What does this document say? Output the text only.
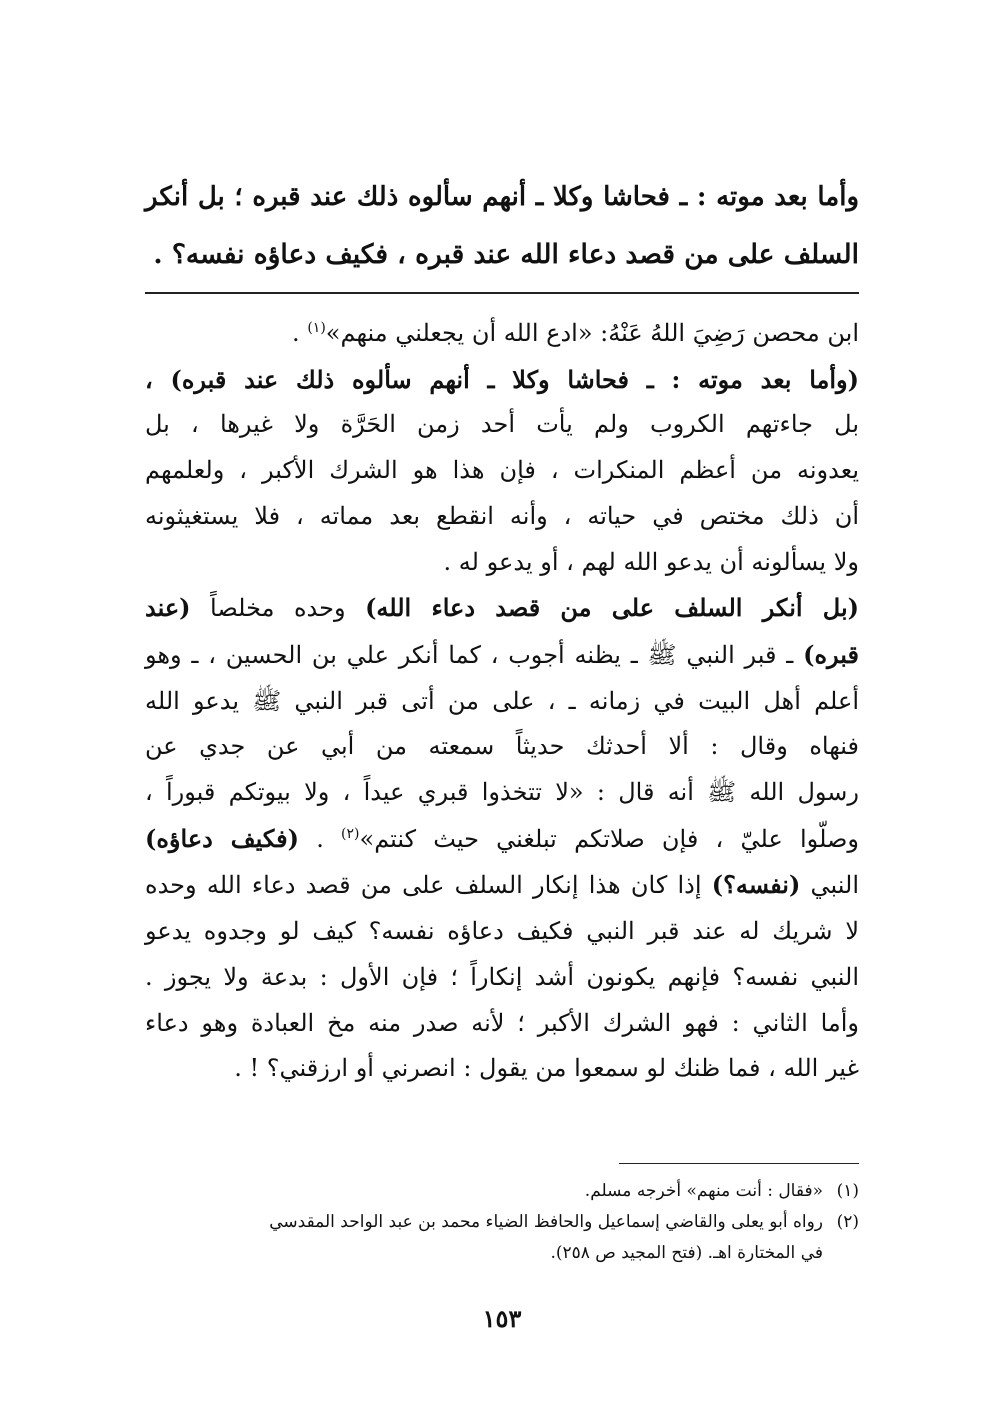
وأما بعد موته : ـ فحاشا وكلا ـ أنهم سألوه ذلك عند قبره ؛ بل أنكر
السلف على من قصد دعاء الله عند قبره ، فكيف دعاؤه نفسه؟ .
ابن محصن رَضِيَ اللهُ عَنْهُ: «ادع الله أن يجعلني منهم»$^{(١)}$ .
(وأما بعد موته : ـ فحاشا وكلا ـ أنهم سألوه ذلك عند قبره) ،
بل جاءتهم الكروب ولم يأت أحد زمن الحَرَّة ولا غيرها ، بل
يعدونه من أعظم المنكرات ، فإن هذا هو الشرك الأكبر ، ولعلمهم
أن ذلك مختص في حياته ، وأنه انقطع بعد مماته ، فلا يستغيثونه
ولا يسألونه أن يدعو الله لهم ، أو يدعو له .
(بل أنكر السلف على من قصد دعاء الله) وحده مخلصاً (عند
قبره) ـ قبر النبي ﷺ ـ يظنه أجوب ، كما أنكر علي بن الحسين ، ـ وهو
أعلم أهل البيت في زمانه ـ ، على من أتى قبر النبي ﷺ يدعو الله
فنهاه وقال : ألا أحدثك حديثاً سمعته من أبي عن جدي عن
رسول الله ﷺ أنه قال : «لا تتخذوا قبري عيداً ، ولا بيوتكم قبوراً ،
وصلّوا عليّ ، فإن صلاتكم تبلغني حيث كنتم»$^{(٢)}$ . (فكيف دعاؤه)
النبي (نفسه؟) إذا كان هذا إنكار السلف على من قصد دعاء الله وحده
لا شريك له عند قبر النبي فكيف دعاؤه نفسه؟ كيف لو وجدوه يدعو
النبي نفسه؟ فإنهم يكونون أشد إنكاراً ؛ فإن الأول : بدعة ولا يجوز .
وأما الثاني : فهو الشرك الأكبر ؛ لأنه صدر منه مخ العبادة وهو دعاء
غير الله ، فما ظنك لو سمعوا من يقول : انصرني أو ارزقني؟ ! .
(١)
«فقال : أنت منهم» أخرجه مسلم.
(٢)
رواه أبو يعلى والقاضي إسماعيل والحافظ الضياء محمد بن عبد الواحد المقدسي
في المختارة اهـ. (فتح المجيد ص ٢٥٨).
١٥٣
